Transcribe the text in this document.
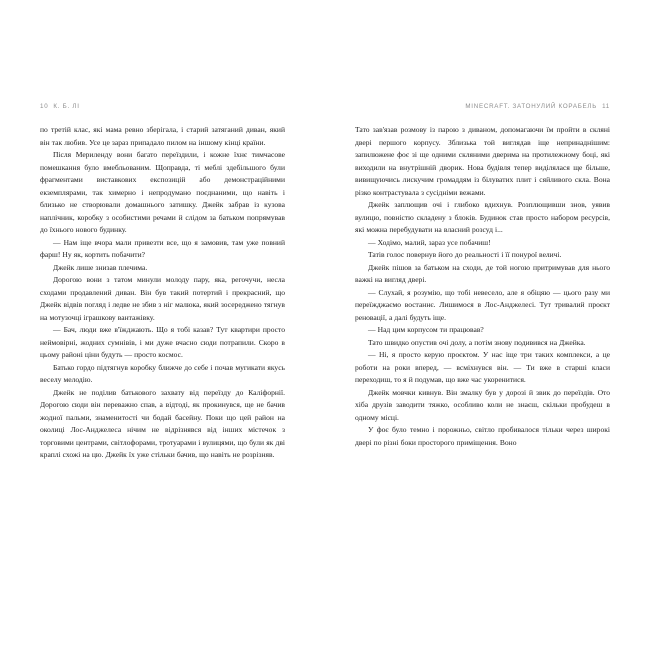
10 К. Б. ЛІ

по третій клас, які мама ревно зберігала, і старий затяганий диван, який він так любив. Усе це зараз припадало пилом на іншому кінці країни.

Після Мериленду вони багато переїздили, і кожне їхнє тимчасове помешкання було вмебльованим. Щоправда, ті меблі здебільшого були фрагментами виставкових експозицій або демонстраційними екземплярами, так химерно і непродумано поєднаними, що навіть і близько не створювали домашнього затишку. Джейк забрав із кузова наплічник, коробку з особистими речами й слідом за батьком попрямував до їхнього нового будинку.

— Нам іще вчора мали привезти все, що я замовив, там уже повний фарш! Ну як, кортить побачити?

Джейк лише знизав плечима.

Дорогою вони з татом минули молоду пару, яка, регочучи, несла сходами продавлений диван. Він був такий потертий і прекрасний, що Джейк відвів погляд і ледве не збив з ніг малюка, який зосереджено тягнув на мотузочці іграшкову вантажівку.

— Бач, люди вже в'їжджають. Що я тобі казав? Тут квартири просто неймовірні, жодних сумнівів, і ми дуже вчасно сюди потрапили. Скоро в цьому районі ціни будуть — просто космос.

Батько гордо підтягнув коробку ближче до себе і почав мугикати якусь веселу мелодію.

Джейк не поділив батькового захвату від переїзду до Каліфорнії. Дорогою сюди він переважно спав, а відтоді, як прокинувся, ще не бачив жодної пальми, знаменитості чи бодай басейну. Поки що цей район на околиці Лос-Анджелеса нічим не відрізнявся від інших містечок з торговими центрами, світлофорами, тротуарами і вулицями, що були як дві краплі схожі на цю. Джейк їх уже стільки бачив, що навіть не розрізняв.

MINECRAFT. ЗАТОНУЛИЙ КОРАБЕЛЬ 11

Тато зав'язав розмову із парою з диваном, допомагаючи їм пройти в скляні двері першого корпусу. Зблизька той виглядав іще непринаднішим: запилюжене фоє зі ще одними скляними дверима на протилежному боці, які виходили на внутрішній дворик. Нова будівля тепер виділялася ще більше, вивищуючись лискучим громаддям із білуватих плит і сяйливого скла. Вона різко контрастувала з сусідніми вежами.

Джейк заплющив очі і глибоко вдихнув. Розплющивши знов, уявив вулицю, повністю складену з блоків. Будинок став просто набором ресурсів, які можна перебудувати на власний розсуд і...

— Ходімо, малий, зараз усе побачиш!

Татів голос повернув його до реальності і її понурої величі.

Джейк пішов за батьком на сходи, де той ногою притримував для нього важкі на вигляд двері.

— Слухай, я розумію, що тобі невесело, але я обіцяю — цього разу ми переїжджаємо востаннє. Лишимося в Лос-Анджелесі. Тут тривалий проєкт реновації, а далі будуть іще.

— Над цим корпусом ти працював?

Тато швидко опустив очі долу, а потім знову подивився на Джейка.

— Ні, я просто керую проєктом. У нас іще три таких комплекси, а це роботи на роки вперед, — всміхнувся він. — Ти вже в старші класи переходиш, то я й подумав, що вже час укоренитися.

Джейк мовчки кивнув. Він змалку був у дорозі й звик до переїздів. Ото хіба друзів заводити тяжко, особливо коли не знаєш, скільки пробудеш в одному місці.

У фоє було темно і порожньо, світло пробивалося тільки через широкі двері по різні боки просторого приміщення. Воно
